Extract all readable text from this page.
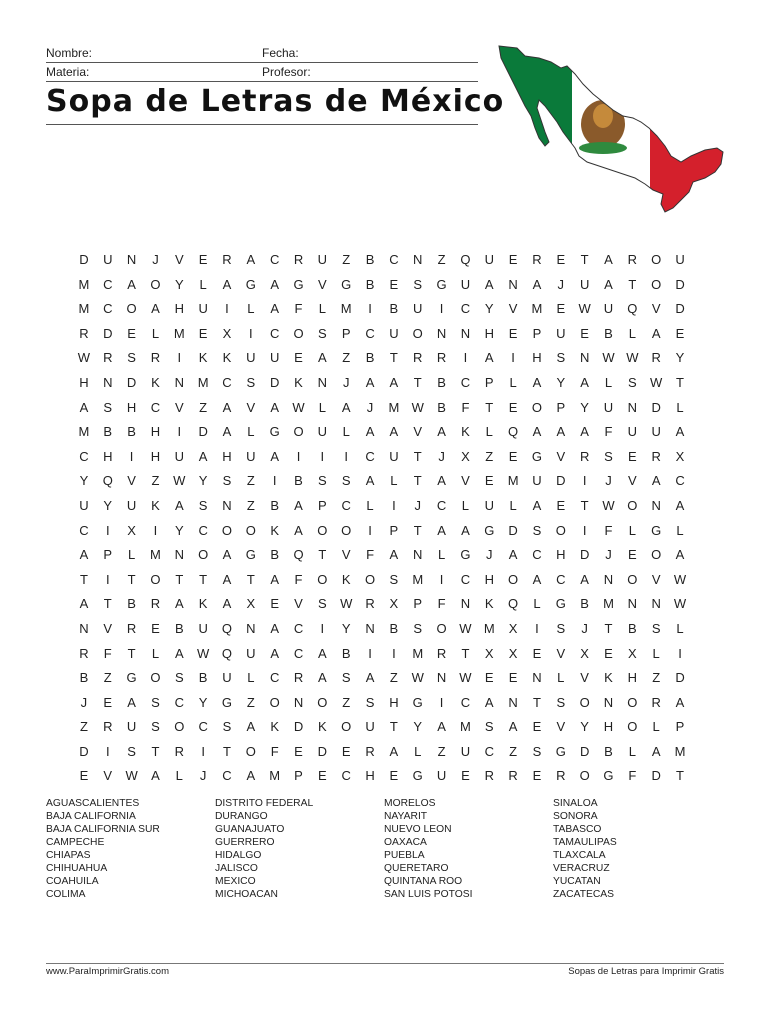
Nombre:	Fecha:
Materia:	Profesor:
Sopa de Letras de México
D	U	N	J	V	E	R	A	C	R	U	Z	B	C	N	Z	Q	U	E	R	E	T	A	R	O	U
M	C	A	O	Y	L	A	G	A	G	V	G	B	E	S	G	U	A	N	A	J	U	A	T	O	D
M	C	O	A	H	U	I	L	A	F	L	M	I	B	U	I	C	Y	V	M	E	W	U	Q	V	D
R	D	E	L	M	E	X	I	C	O	S	P	C	U	O	N	N	H	E	P	U	E	B	L	A	E
W	R	S	R	I	K	K	U	U	E	A	Z	B	T	R	R	I	A	I	H	S	N	W W	R	Y
H	N	D	K	N	M	C	S	D	K	N	J	A	A	T	B	C	P	L	A	Y	A	L	S	W	T
A	S	H	C	V	Z	A	V	A	W	L	A	J	M W	B	F	T	E	O	P	Y	U	N	D	L
M	B	B	H	I	D	A	L	G	O	U	L	A	A	V	A	K	L	Q	A	A	A	F	U	U	A
C	H	I	H	U	A	H	U	A	I	I	I	C	U	T	J	X	Z	E	G	V	R	S	E	R	X
Y	Q	V	Z	W	Y	S	Z	I	B	S	S	A	L	T	A	V	E	M	U	D	I	J	V	A	C
U	Y	U	K	A	S	N	Z	B	A	P	C	L	I	J	C	L	U	L	A	E	T	W O	N	A
C	I	X	I	Y	C	O	O	K	A	O	O	I	P	T	A	A	G	D	S	O	I	F	L	G	L
A	P	L	M	N	O	A	G	B	Q	T	V	F	A	N	L	G	J	A	C	H	D	J	E	O	A
T	I	T	O	T	T	A	T	A	F	O	K	O	S	M	I	C	H	O	A	C	A	N	O	V	W
A	T	B	R	A	K	A	X	E	V	S	W	R	X	P	F	N	K	Q	L	G	B	M	N	N	W
N	V	R	E	B	U	Q	N	A	C	I	Y	N	B	S	O W M	X	I	S	J	T	B	S	L
R	F	T	L	A	W Q	U	A	C	A	B	I	I	M	R	T	X	X	E	V	X	E	X	L	I
B	Z	G	O	S	B	U	L	C	R	A	S	A	Z	W	N	W	E	E	N	L	V	K	H	Z	D
J	E	A	S	C	Y	G	Z	O	N	O	Z	S	H	G	I	C	A	N	T	S	O	N	O	R	A
Z	R	U	S	O	C	S	A	K	D	K	O	U	T	Y	A	M	S	A	E	V	Y	H	O	L	P
D	I	S	T	R	I	T	O	F	E	D	E	R	A	L	Z	U	C	Z	S	G	D	B	L	A	M
E	V	W	A	L	J	C	A	M	P	E	C	H	E	G	U	E	R	R	E	R	O	G	F	D	T
AGUASCALIENTES
BAJA CALIFORNIA
BAJA CALIFORNIA SUR
CAMPECHE
CHIAPAS
CHIHUAHUA
COAHUILA
COLIMA
DISTRITO FEDERAL
DURANGO
GUANAJUATO
GUERRERO
HIDALGO
JALISCO
MEXICO
MICHOACAN
MORELOS
NAYARIT
NUEVO LEON
OAXACA
PUEBLA
QUERETARO
QUINTANA ROO
SAN LUIS POTOSI
SINALOA
SONORA
TABASCO
TAMAULIPAS
TLAXCALA
VERACRUZ
YUCATAN
ZACATECAS
www.ParaImprimirGratis.com	Sopas de Letras para Imprimir Gratis
